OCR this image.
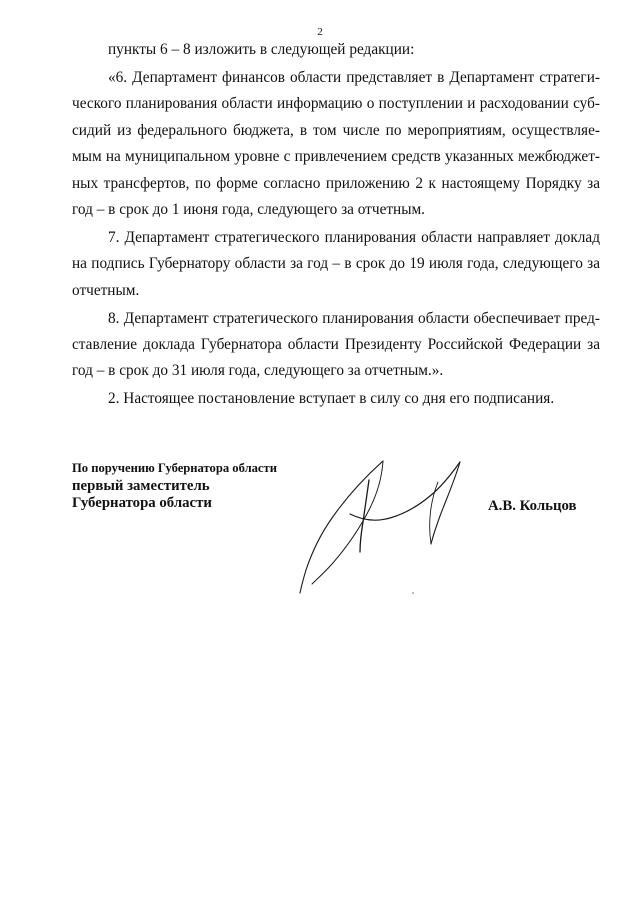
2

пункты 6 – 8 изложить в следующей редакции:

«6. Департамент финансов области представляет в Департамент стратегического планирования области информацию о поступлении и расходовании субсидий из федерального бюджета, в том числе по мероприятиям, осуществляемым на муниципальном уровне с привлечением средств указанных межбюджетных трансфертов, по форме согласно приложению 2 к настоящему Порядку за год – в срок до 1 июня года, следующего за отчетным.

7. Департамент стратегического планирования области направляет доклад на подпись Губернатору области за год – в срок до 19 июля года, следующего за отчетным.

8. Департамент стратегического планирования области обеспечивает представление доклада Губернатора области Президенту Российской Федерации за год – в срок до 31 июля года, следующего за отчетным.».

2. Настоящее постановление вступает в силу со дня его подписания.

По поручению Губернатора области
первый заместитель
Губернатора области	А.В. Кольцов
